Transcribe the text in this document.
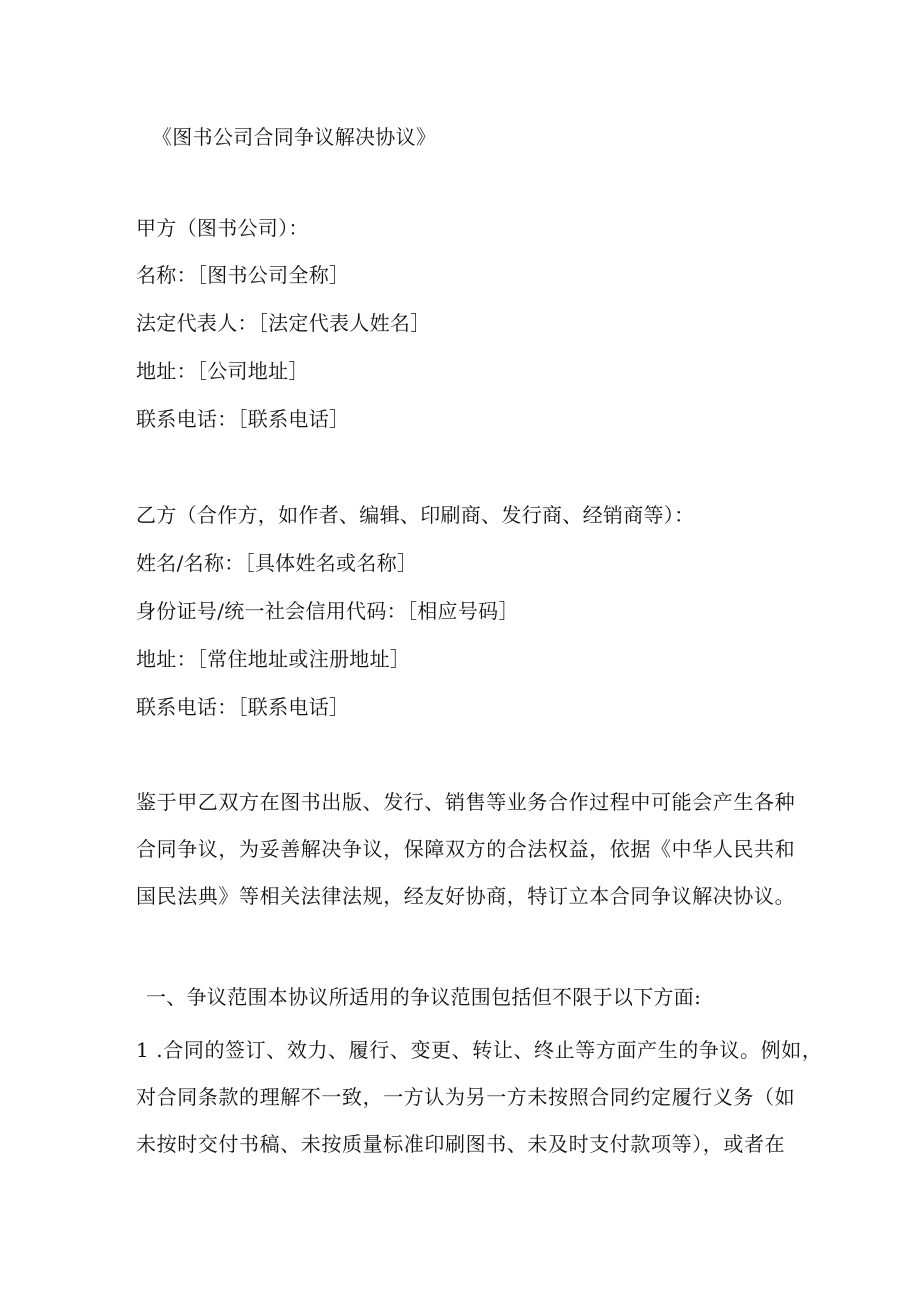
《图书公司合同争议解决协议》
甲方（图书公司）：
名称：［图书公司全称］
法定代表人：［法定代表人姓名］
地址：［公司地址］
联系电话：［联系电话］
乙方（合作方，如作者、编辑、印刷商、发行商、经销商等）：
姓名/名称：［具体姓名或名称］
身份证号/统一社会信用代码：［相应号码］
地址：［常住地址或注册地址］
联系电话：［联系电话］

鉴于甲乙双方在图书出版、发行、销售等业务合作过程中可能会产生各种

合同争议，为妥善解决争议，保障双方的合法权益，依据《中华人民共和

国民法典》等相关法律法规，经友好协商，特订立本合同争议解决协议。

一、争议范围本协议所适用的争议范围包括但不限于以下方面:

1 .合同的签订、效力、履行、变更、转让、终止等方面产生的争议。例如，

对合同条款的理解不一致，一方认为另一方未按照合同约定履行义务（如

未按时交付书稿、未按质量标准印刷图书、未及时支付款项等），或者在
